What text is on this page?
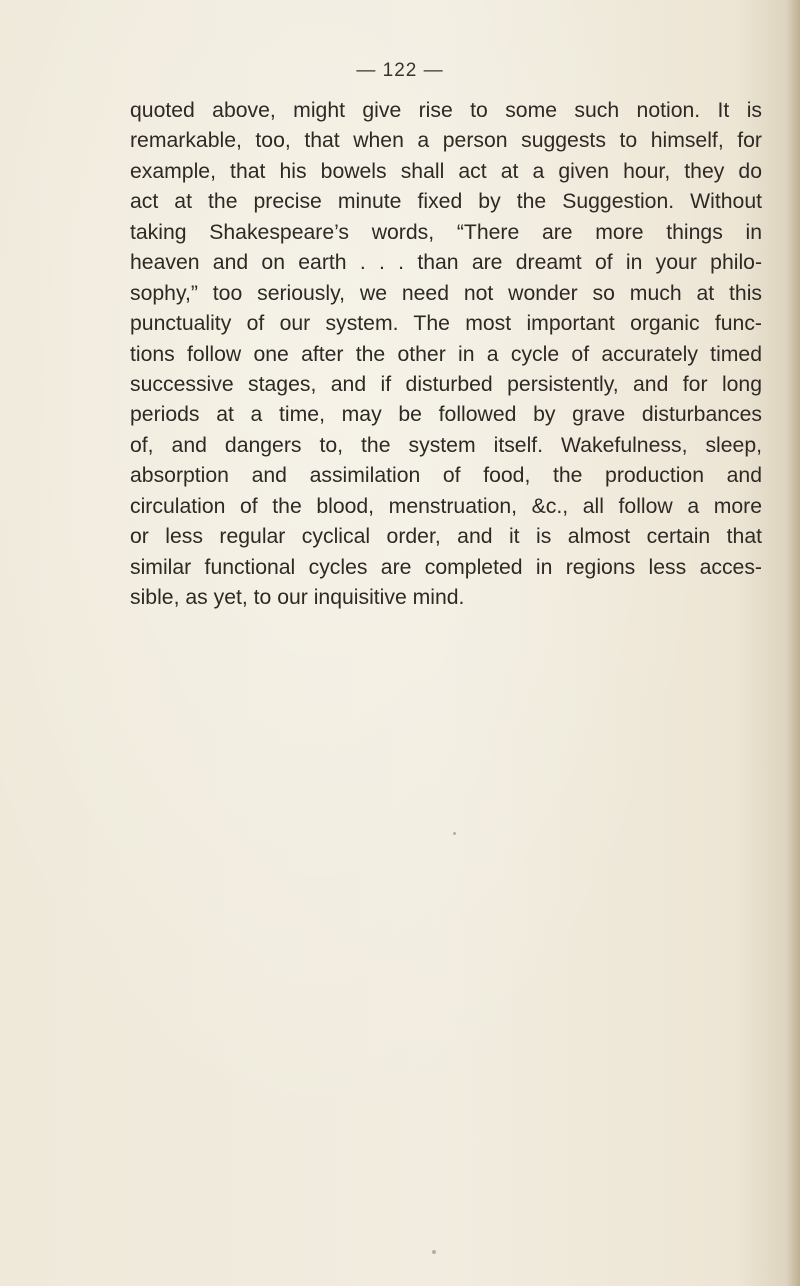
— 122 —
quoted above, might give rise to some such notion. It is
remarkable, too, that when a person suggests to himself, for
example, that his bowels shall act at a given hour, they do
act at the precise minute fixed by the Suggestion. Without
taking Shakespeare’s words, “There are more things in
heaven and on earth . . . than are dreamt of in your philo-
sophy,” too seriously, we need not wonder so much at this
punctuality of our system. The most important organic func-
tions follow one after the other in a cycle of accurately timed
successive stages, and if disturbed persistently, and for long
periods at a time, may be followed by grave disturbances
of, and dangers to, the system itself. Wakefulness, sleep,
absorption and assimilation of food, the production and
circulation of the blood, menstruation, &c., all follow a more
or less regular cyclical order, and it is almost certain that
similar functional cycles are completed in regions less acces-
sible, as yet, to our inquisitive mind.
